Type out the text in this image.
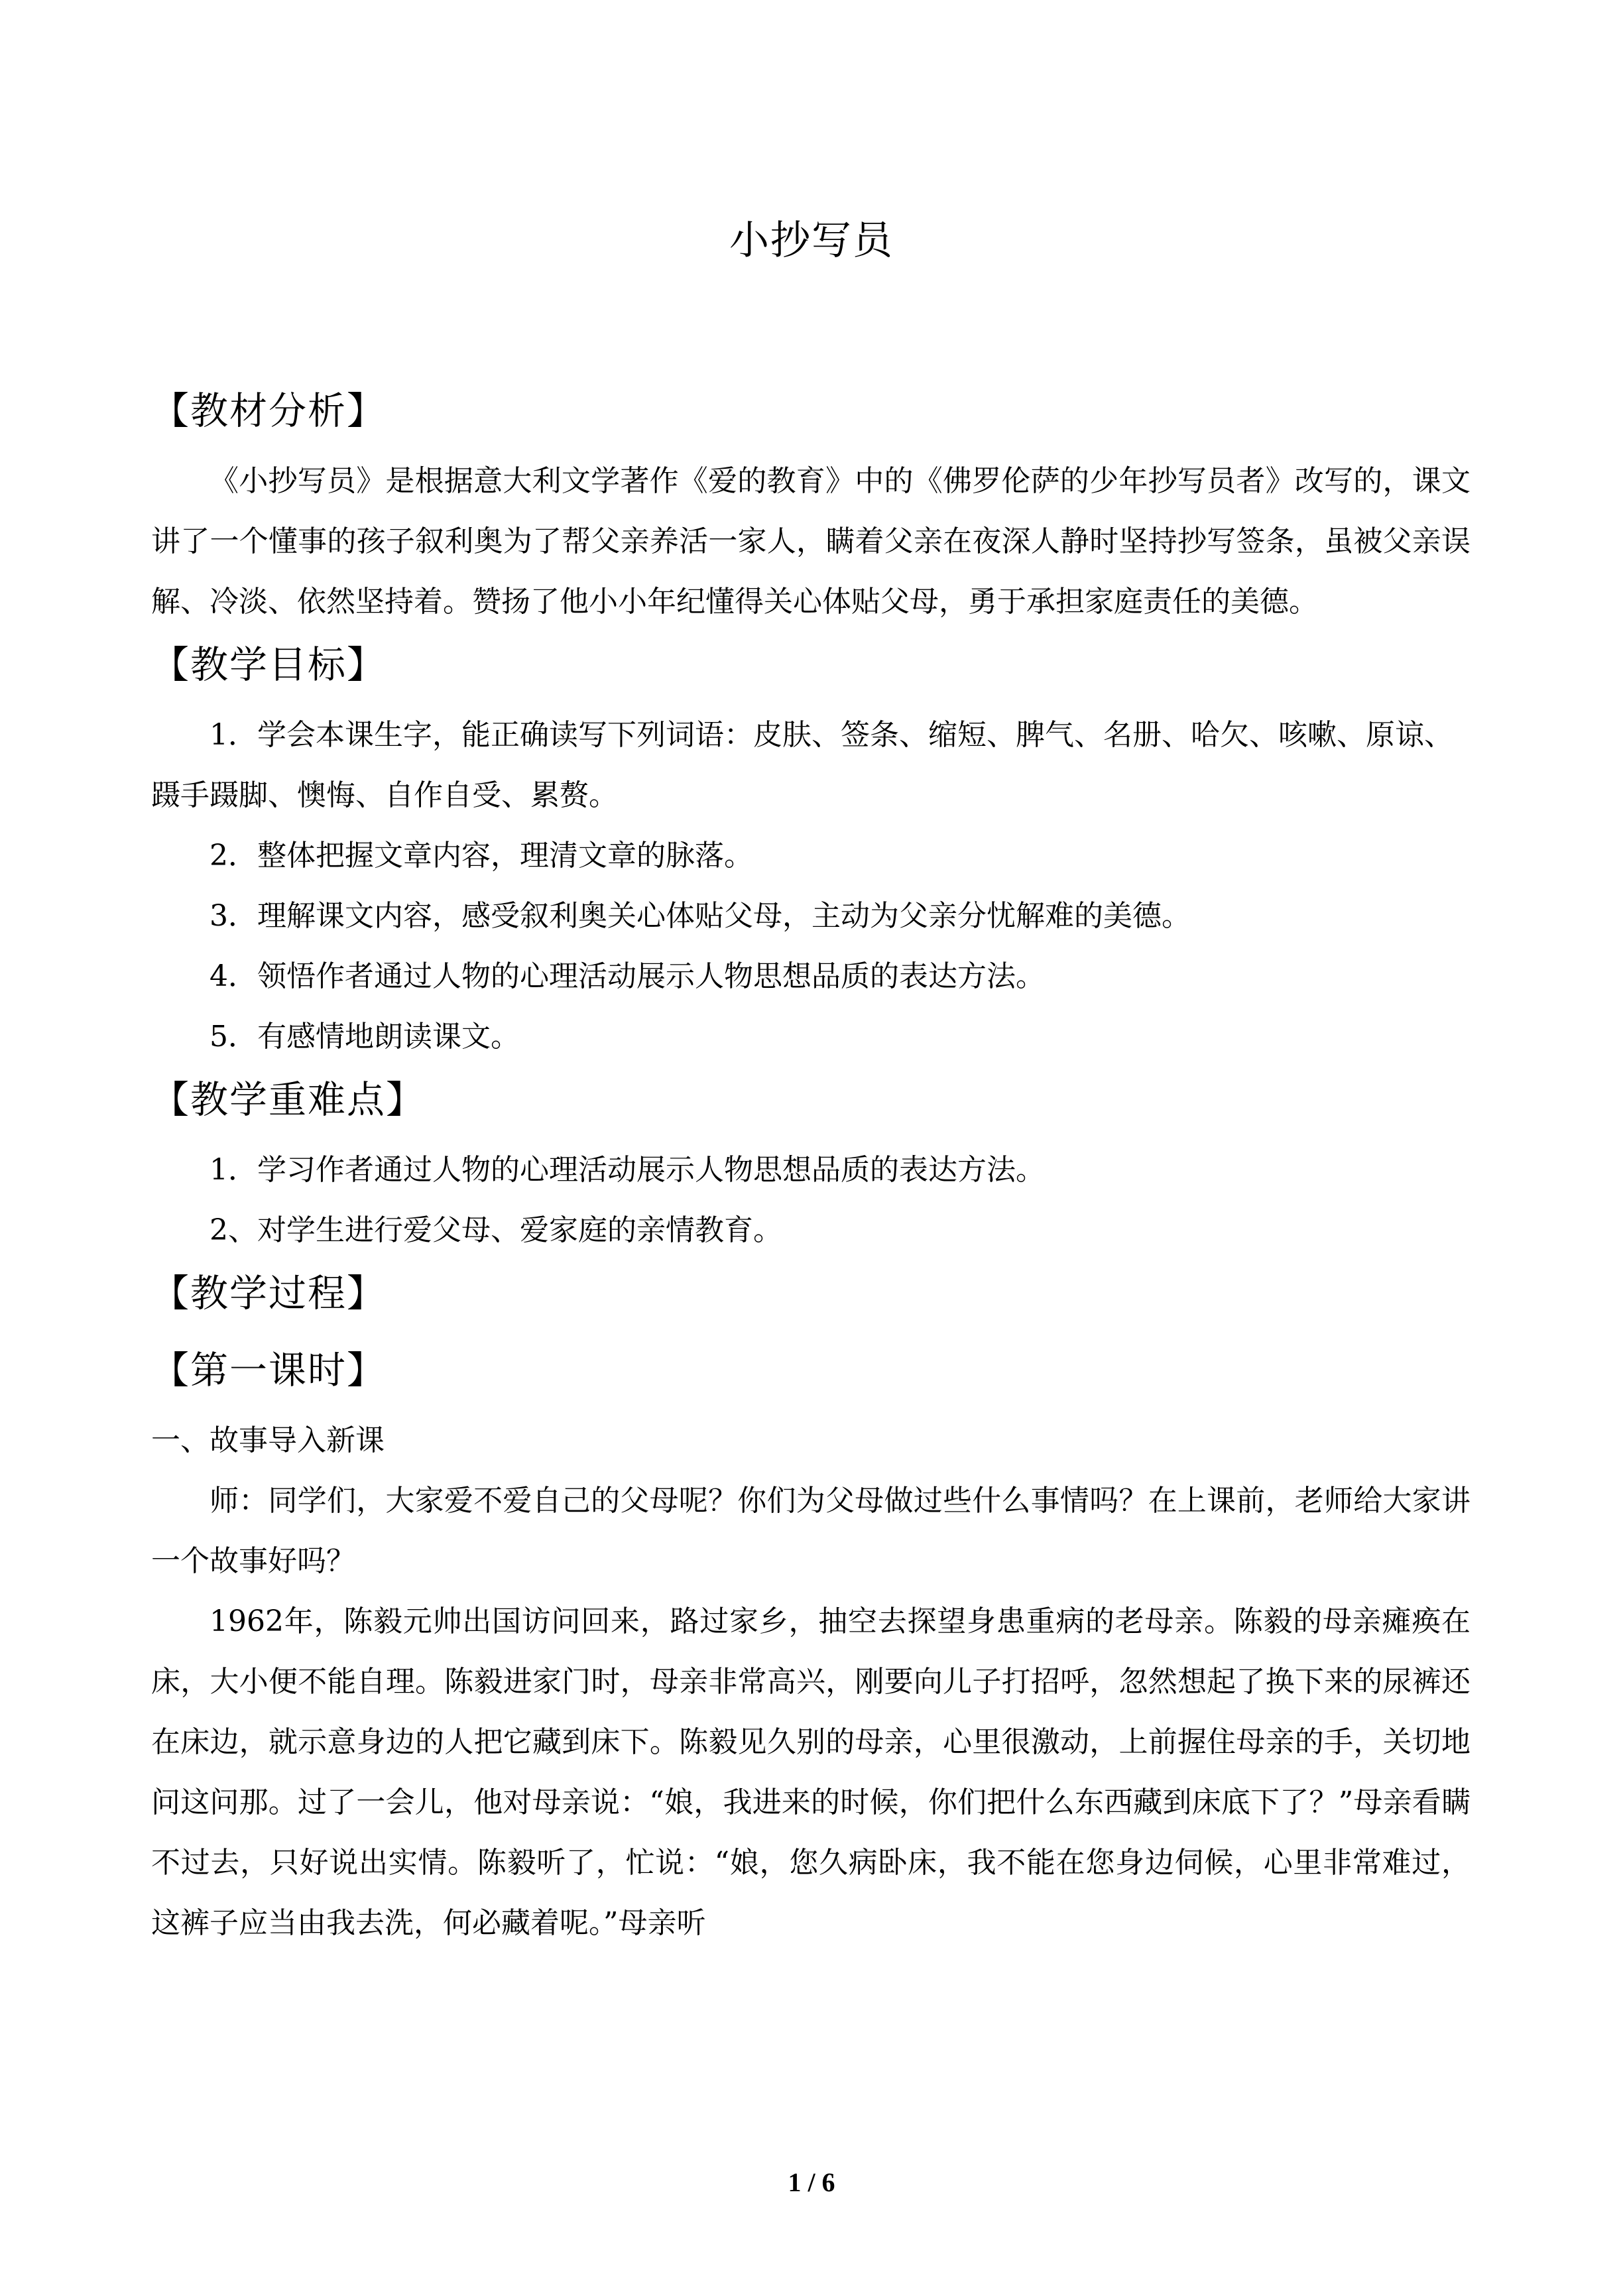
小抄写员
【教材分析】

《小抄写员》是根据意大利文学著作《爱的教育》中的《佛罗伦萨的少年抄写员者》改写的，课文讲了一个懂事的孩子叙利奥为了帮父亲养活一家人，瞒着父亲在夜深人静时坚持抄写签条，虽被父亲误解、冷淡、依然坚持着。赞扬了他小小年纪懂得关心体贴父母，勇于承担家庭责任的美德。

【教学目标】

1．学会本课生字，能正确读写下列词语：皮肤、签条、缩短、脾气、名册、哈欠、咳嗽、原谅、蹑手蹑脚、懊悔、自作自受、累赘。

2．整体把握文章内容，理清文章的脉落。

3．理解课文内容，感受叙利奥关心体贴父母，主动为父亲分忧解难的美德。

4．领悟作者通过人物的心理活动展示人物思想品质的表达方法。

5．有感情地朗读课文。

【教学重难点】

1．学习作者通过人物的心理活动展示人物思想品质的表达方法。

2、对学生进行爱父母、爱家庭的亲情教育。

【教学过程】
【第一课时】

一、故事导入新课

师：同学们，大家爱不爱自己的父母呢？你们为父母做过些什么事情吗？在上课前，老师给大家讲一个故事好吗？

1962年，陈毅元帅出国访问回来，路过家乡，抽空去探望身患重病的老母亲。陈毅的母亲瘫痪在床，大小便不能自理。陈毅进家门时，母亲非常高兴，刚要向儿子打招呼，忽然想起了换下来的尿裤还在床边，就示意身边的人把它藏到床下。陈毅见久别的母亲，心里很激动，上前握住母亲的手，关切地问这问那。过了一会儿，他对母亲说：“娘，我进来的时候，你们把什么东西藏到床底下了？”母亲看瞒不过去，只好说出实情。陈毅听了，忙说：“娘，您久病卧床，我不能在您身边伺候，心里非常难过，这裤子应当由我去洗，何必藏着呢。”母亲听

1 / 6
